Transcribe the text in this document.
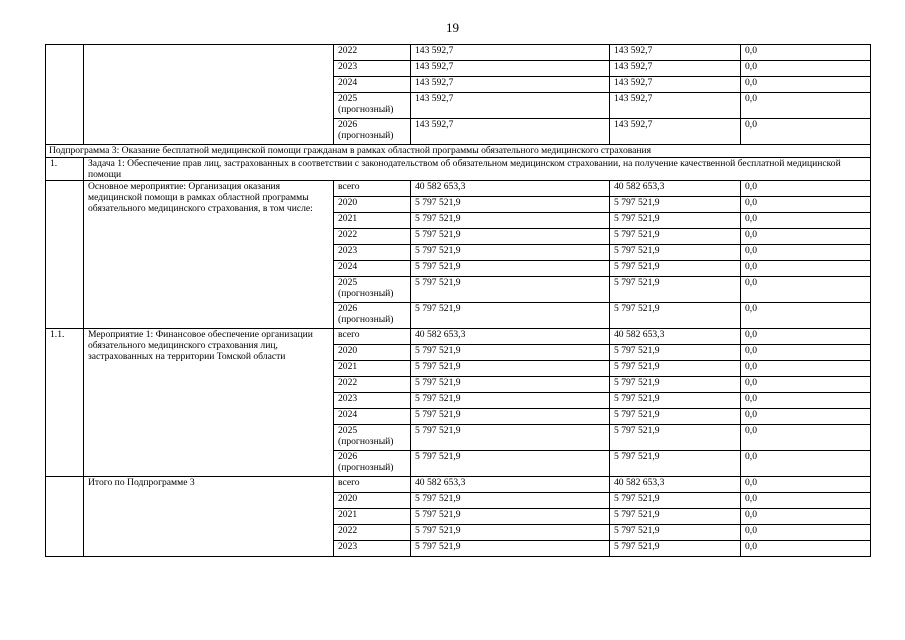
19
		2022	143 592,7	143 592,7	0,0
		2023	143 592,7	143 592,7	0,0
		2024	143 592,7	143 592,7	0,0
		2025 (прогнозный)	143 592,7	143 592,7	0,0
		2026 (прогнозный)	143 592,7	143 592,7	0,0
Подпрограмма 3: Оказание бесплатной медицинской помощи гражданам в рамках областной программы обязательного медицинского страхования					
1.	Задача 1: Обеспечение прав лиц, застрахованных в соответствии с законодательством об обязательном медицинском страховании, на получение качественной бесплатной медицинской помощи				
	Основное мероприятие: Организация оказания медицинской помощи в рамках областной программы обязательного медицинского страхования, в том числе:	всего	40 582 653,3	40 582 653,3	0,0
		2020	5 797 521,9	5 797 521,9	0,0
		2021	5 797 521,9	5 797 521,9	0,0
		2022	5 797 521,9	5 797 521,9	0,0
		2023	5 797 521,9	5 797 521,9	0,0
		2024	5 797 521,9	5 797 521,9	0,0
		2025 (прогнозный)	5 797 521,9	5 797 521,9	0,0
		2026 (прогнозный)	5 797 521,9	5 797 521,9	0,0
1.1.	Мероприятие 1: Финансовое обеспечение организации обязательного медицинского страхования лиц, застрахованных на территории Томской области	всего	40 582 653,3	40 582 653,3	0,0
		2020	5 797 521,9	5 797 521,9	0,0
		2021	5 797 521,9	5 797 521,9	0,0
		2022	5 797 521,9	5 797 521,9	0,0
		2023	5 797 521,9	5 797 521,9	0,0
		2024	5 797 521,9	5 797 521,9	0,0
		2025 (прогнозный)	5 797 521,9	5 797 521,9	0,0
		2026 (прогнозный)	5 797 521,9	5 797 521,9	0,0
	Итого по Подпрограмме 3	всего	40 582 653,3	40 582 653,3	0,0
		2020	5 797 521,9	5 797 521,9	0,0
		2021	5 797 521,9	5 797 521,9	0,0
		2022	5 797 521,9	5 797 521,9	0,0
		2023	5 797 521,9	5 797 521,9	0,0
